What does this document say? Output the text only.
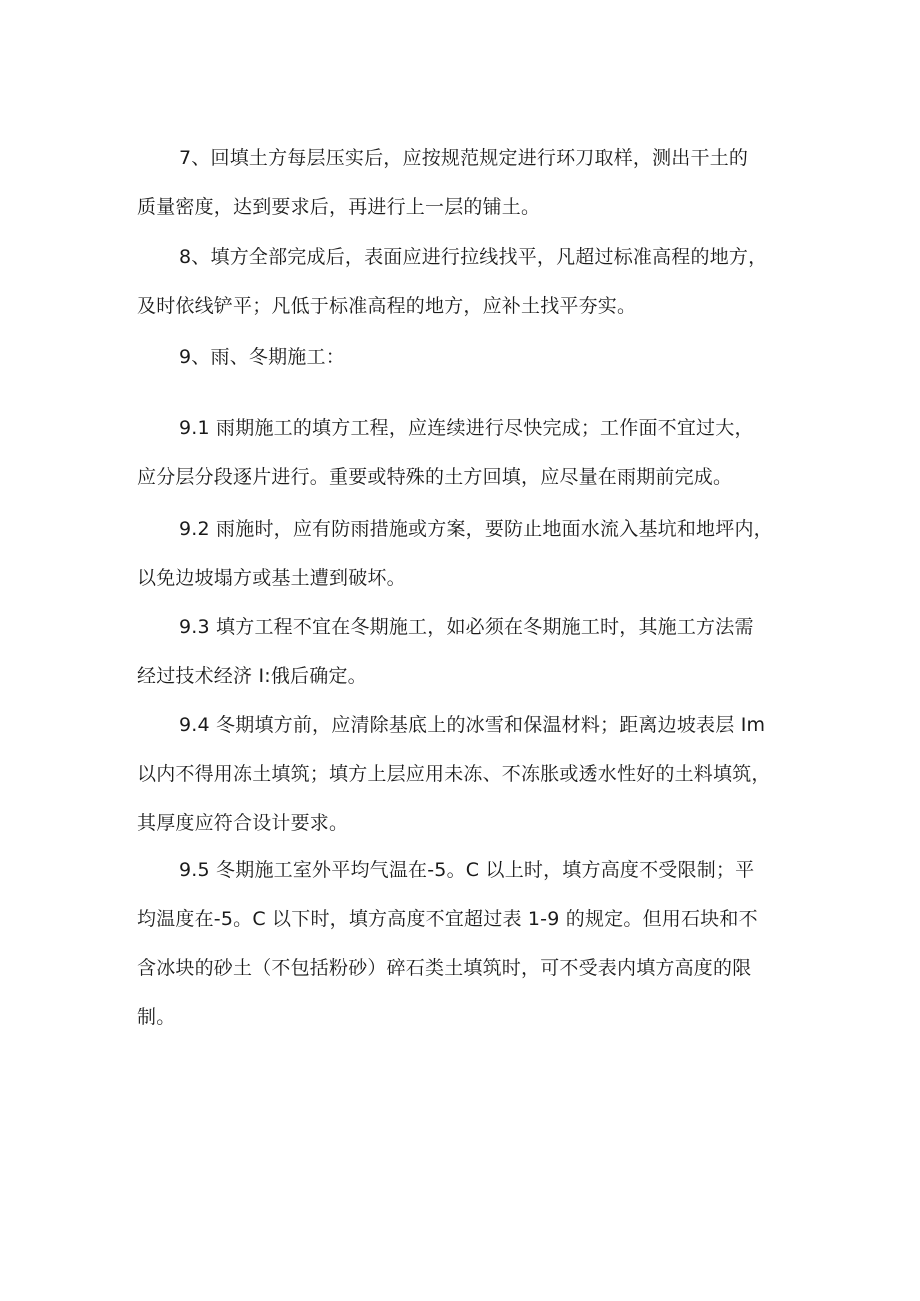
7、回填土方每层压实后，应按规范规定进行环刀取样，测出干土的
质量密度，达到要求后，再进行上一层的铺土。
8、填方全部完成后，表面应进行拉线找平，凡超过标准高程的地方，
及时依线铲平；凡低于标准高程的地方，应补土找平夯实。
9、雨、冬期施工：
9.1 雨期施工的填方工程，应连续进行尽快完成；工作面不宜过大，
应分层分段逐片进行。重要或特殊的土方回填，应尽量在雨期前完成。
9.2 雨施时，应有防雨措施或方案，要防止地面水流入基坑和地坪内，
以免边坡塌方或基土遭到破坏。
9.3 填方工程不宜在冬期施工，如必须在冬期施工时，其施工方法需
经过技术经济 I:俄后确定。
9.4 冬期填方前，应清除基底上的冰雪和保温材料；距离边坡表层 Im
以内不得用冻土填筑；填方上层应用未冻、不冻胀或透水性好的土料填筑，
其厚度应符合设计要求。
9.5 冬期施工室外平均气温在-5。C 以上时，填方高度不受限制；平
均温度在-5。C 以下时，填方高度不宜超过表 1-9 的规定。但用石块和不
含冰块的砂土（不包括粉砂）碎石类土填筑时，可不受表内填方高度的限
制。
